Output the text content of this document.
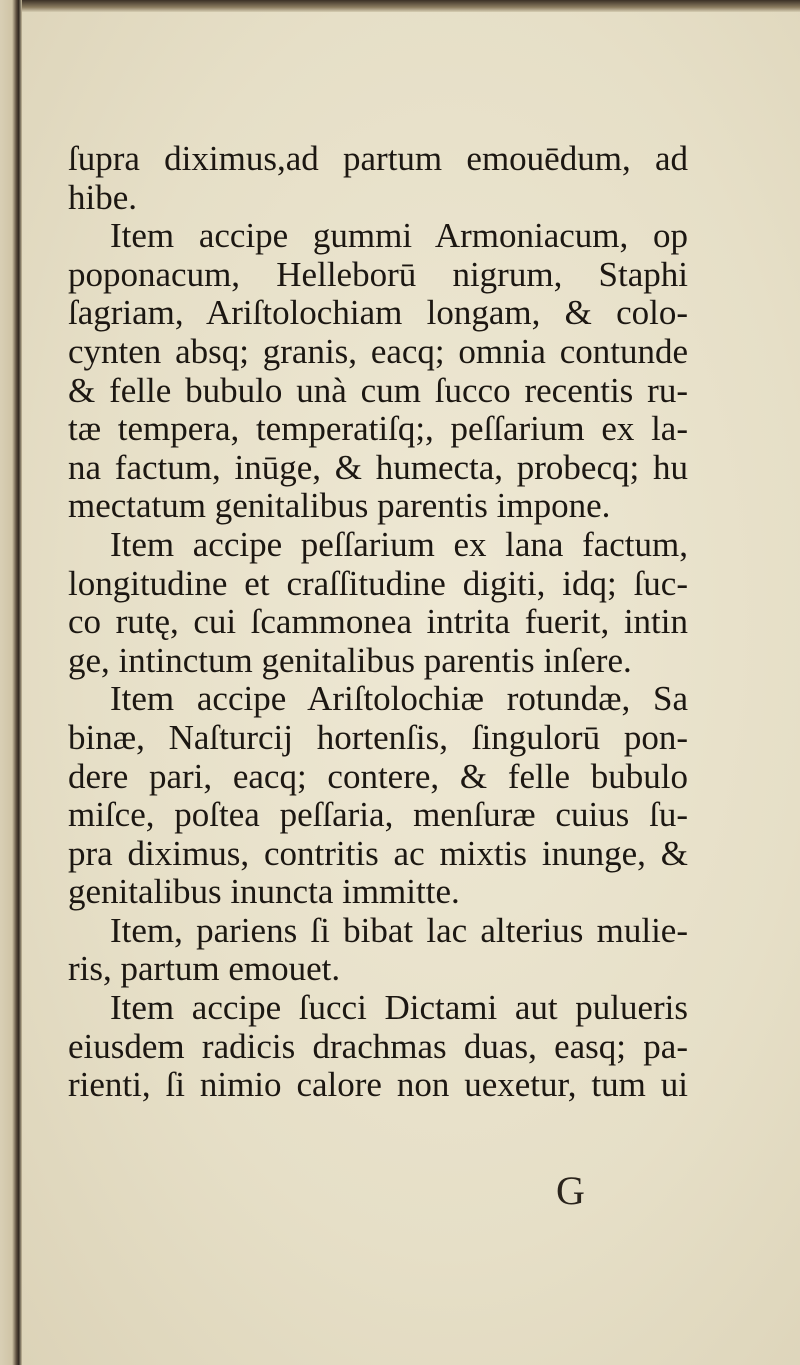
ſupra diximus,ad partum emouēdum, ad
hibe.
Item accipe gummi Armoniacum, op
poponacum, Helleborū nigrum, Staphi
ſagriam, Ariſtolochiam longam, & colo-
cynten absq; granis, eacq; omnia contunde
& felle bubulo unà cum ſucco recentis ru-
tæ tempera, temperatiſq;, peſſarium ex la-
na factum, inūge, & humecta, probecq; hu
mectatum genitalibus parentis impone.
Item accipe peſſarium ex lana factum,
longitudine et craſſitudine digiti, idq; ſuc-
co rutę, cui ſcammonea intrita fuerit, intin
ge, intinctum genitalibus parentis inſere.
Item accipe Ariſtolochiæ rotundæ, Sa
binæ, Naſturcij hortenſis, ſingulorū pon-
dere pari, eacq; contere, & felle bubulo
miſce, poſtea peſſaria, menſuræ cuius ſu-
pra diximus, contritis ac mixtis inunge, &
genitalibus inuncta immitte.
Item, pariens ſi bibat lac alterius mulie-
ris, partum emouet.
Item accipe ſucci Dictami aut pulueris
eiusdem radicis drachmas duas, easq; pa-
rienti, ſi nimio calore non uexetur, tum ui
G
